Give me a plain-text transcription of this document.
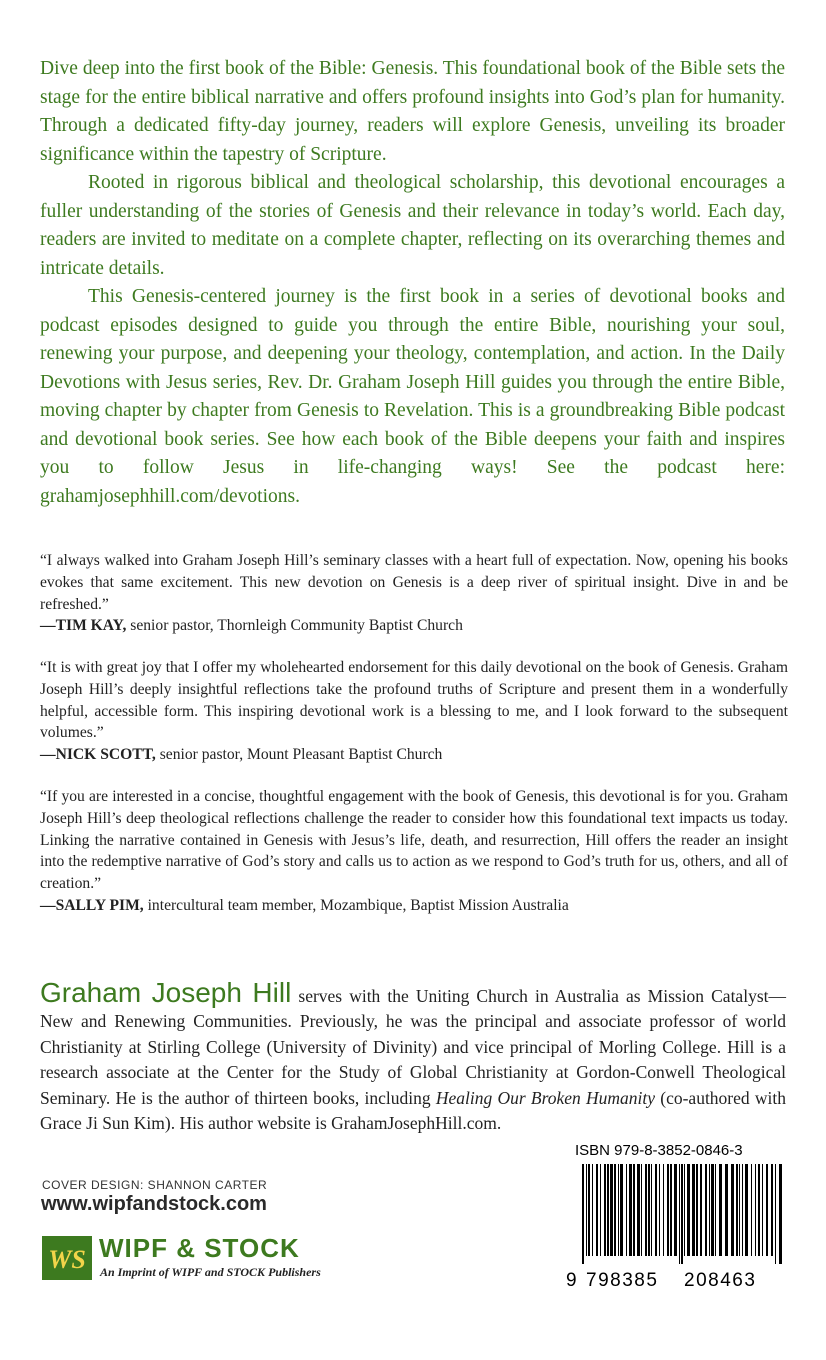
Dive deep into the first book of the Bible: Genesis. This foundational book of the Bible sets the stage for the entire biblical narrative and offers profound insights into God’s plan for humanity. Through a dedicated fifty-day journey, readers will explore Genesis, unveiling its broader significance within the tapestry of Scripture.

Rooted in rigorous biblical and theological scholarship, this devotional encourages a fuller understanding of the stories of Genesis and their relevance in today’s world. Each day, readers are invited to meditate on a complete chapter, reflecting on its overarching themes and intricate details.

This Genesis-centered journey is the first book in a series of devotional books and podcast episodes designed to guide you through the entire Bible, nourishing your soul, renewing your purpose, and deepening your theology, contemplation, and action. In the Daily Devotions with Jesus series, Rev. Dr. Graham Joseph Hill guides you through the entire Bible, moving chapter by chapter from Genesis to Revelation. This is a groundbreaking Bible podcast and devotional book series. See how each book of the Bible deepens your faith and inspires you to follow Jesus in life-changing ways! See the podcast here: grahamjosephhill.com/devotions.

“I always walked into Graham Joseph Hill’s seminary classes with a heart full of expectation. Now, opening his books evokes that same excitement. This new devotion on Genesis is a deep river of spiritual insight. Dive in and be refreshed.”

—TIM KAY, senior pastor, Thornleigh Community Baptist Church

“It is with great joy that I offer my wholehearted endorsement for this daily devotional on the book of Genesis. Graham Joseph Hill’s deeply insightful reflections take the profound truths of Scripture and present them in a wonderfully helpful, accessible form. This inspiring devotional work is a blessing to me, and I look forward to the subsequent volumes.”

—NICK SCOTT, senior pastor, Mount Pleasant Baptist Church

“If you are interested in a concise, thoughtful engagement with the book of Genesis, this devotional is for you. Graham Joseph Hill’s deep theological reflections challenge the reader to consider how this foundational text impacts us today. Linking the narrative contained in Genesis with Jesus’s life, death, and resurrection, Hill offers the reader an insight into the redemptive narrative of God’s story and calls us to action as we respond to God’s truth for us, others, and all of creation.”

—SALLY PIM, intercultural team member, Mozambique, Baptist Mission Australia

Graham Joseph Hill serves with the Uniting Church in Australia as Mission Catalyst—New and Renewing Communities. Previously, he was the principal and associate professor of world Christianity at Stirling College (University of Divinity) and vice principal of Morling College. Hill is a research associate at the Center for the Study of Global Christianity at Gordon-Conwell Theological Seminary. He is the author of thirteen books, including Healing Our Broken Humanity (co-authored with Grace Ji Sun Kim). His author website is GrahamJosephHill.com.

COVER DESIGN: SHANNON CARTER
www.wipfandstock.com
WS WIPF & STOCK
An Imprint of WIPF and STOCK Publishers
ISBN 979-8-3852-0846-3
9 798385 208463
